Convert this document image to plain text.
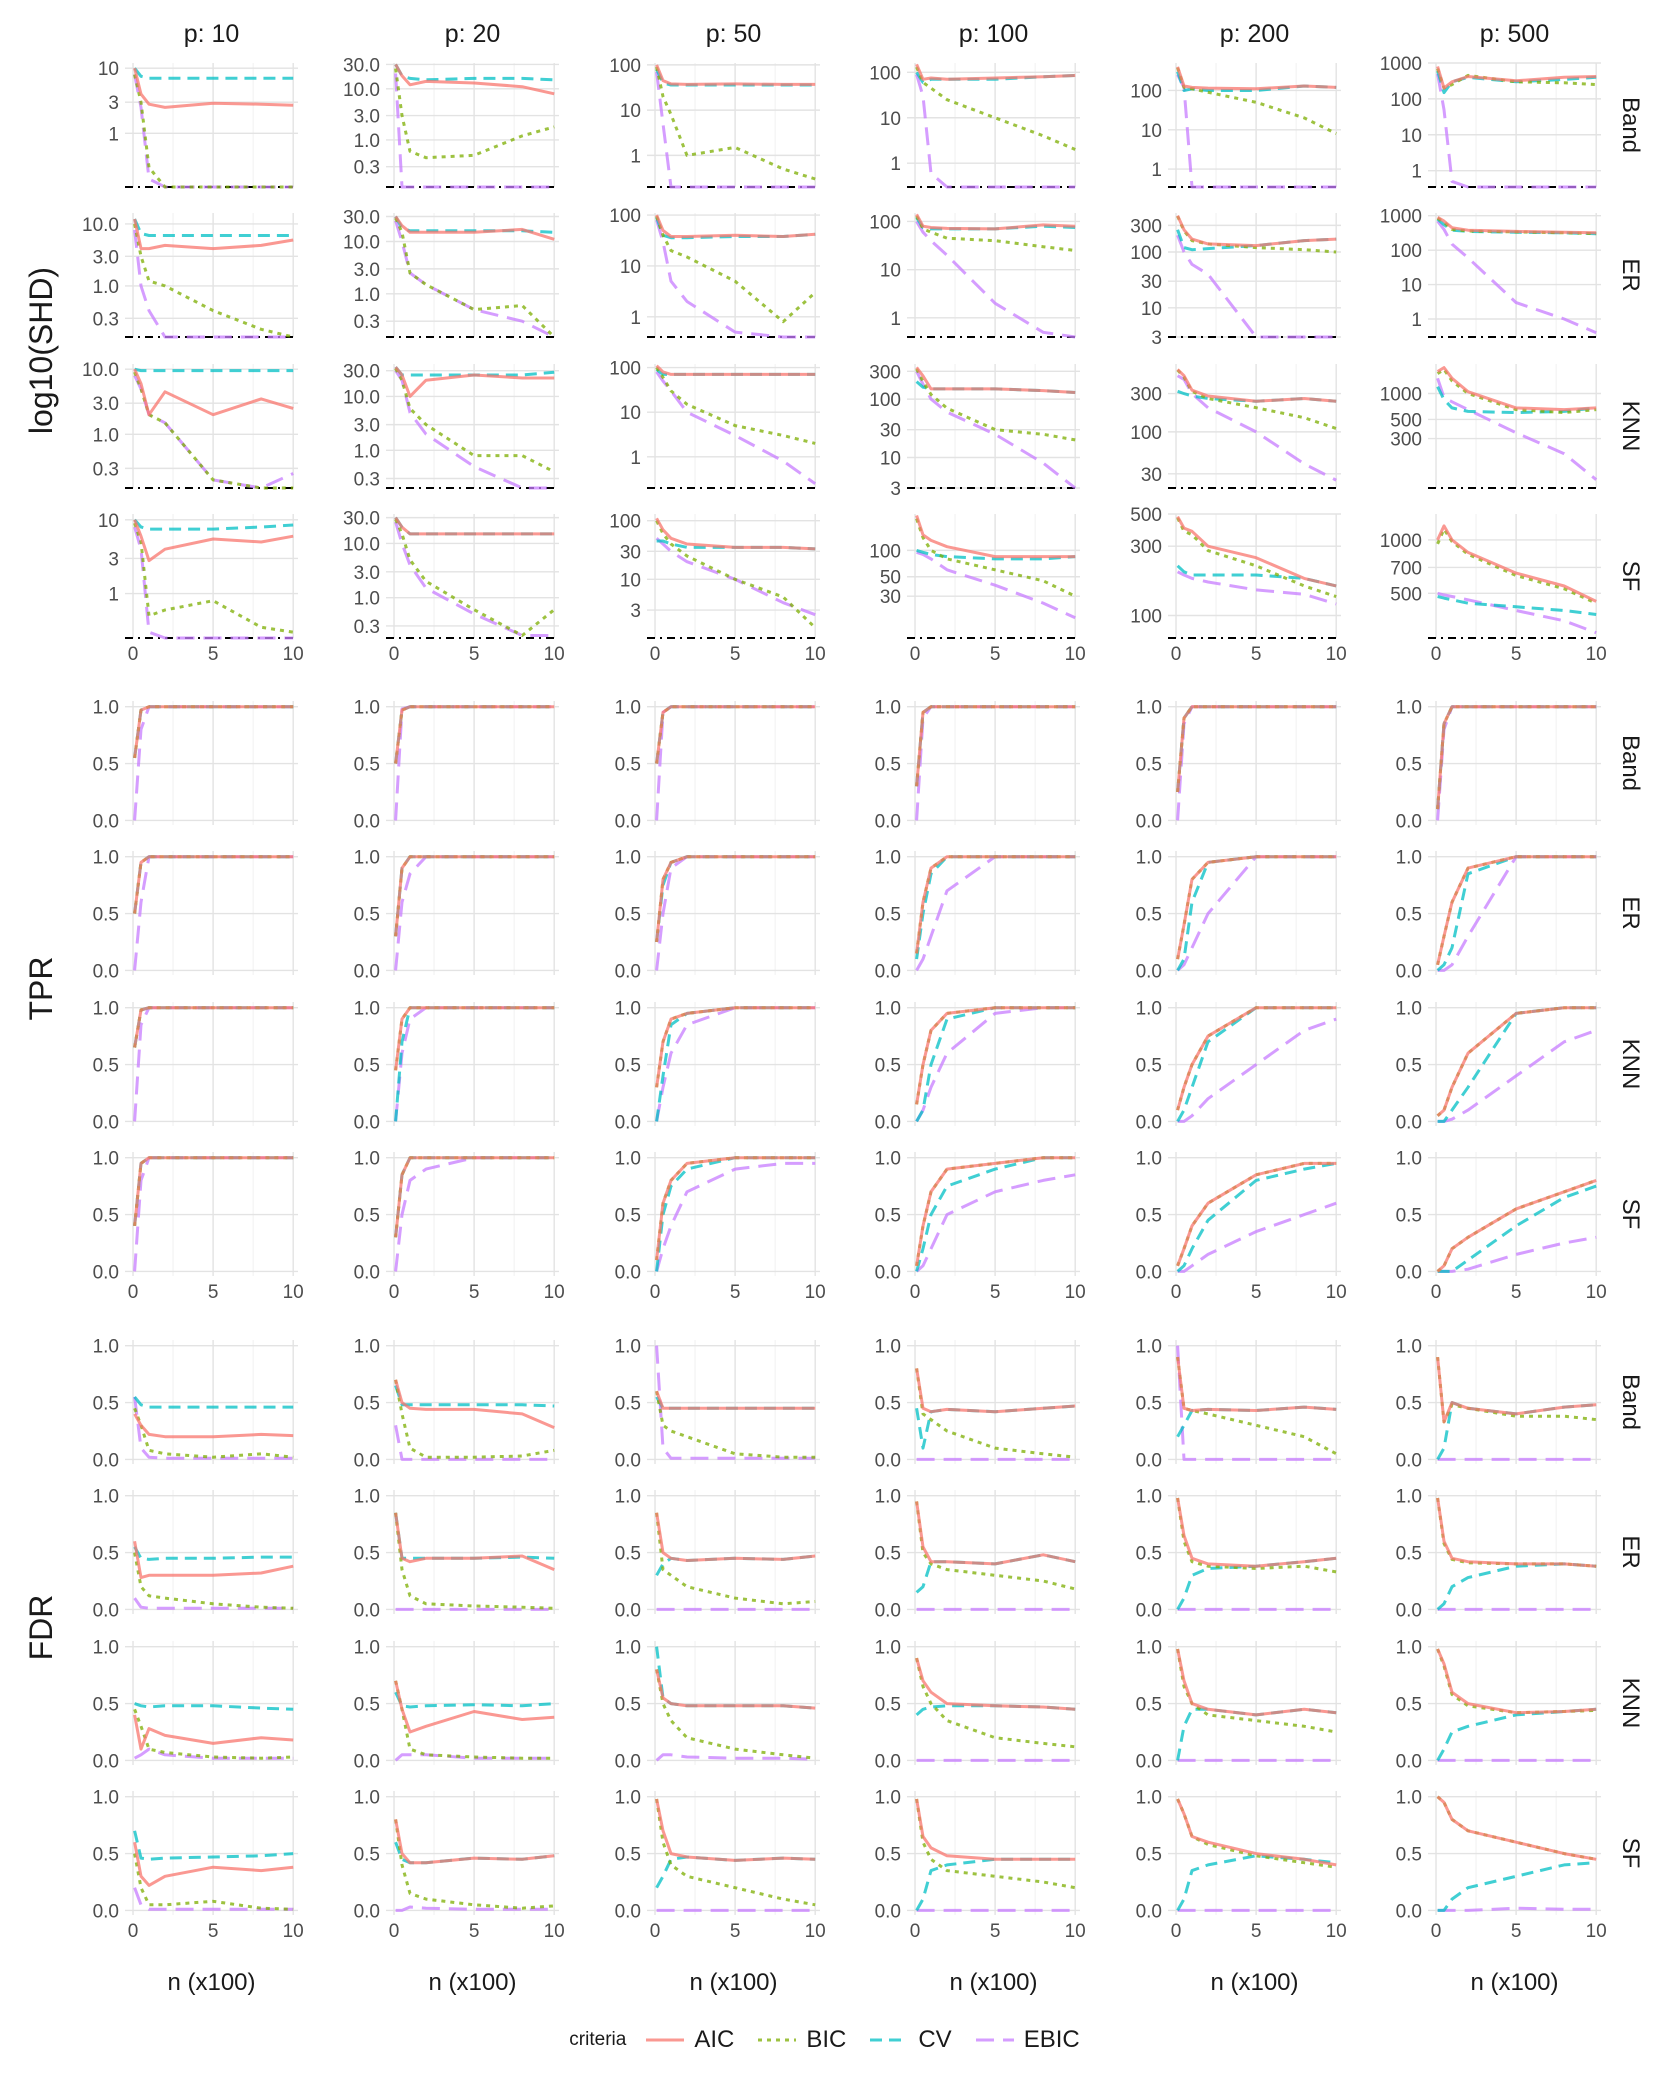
p: 10	p: 20	p: 50	p: 100	p: 200	p: 500
log10(SHD)
TPR
FDR
1
3
10
0.3
1.0
3.0
10.0
30.0
1
10
100
1
10
100
1
10
100
1
10
100
1000
Band
0.3
1.0
3.0
10.0
0.3
1.0
3.0
10.0
30.0
1
10
100
1
10
100
3
10
30
100
300
1
10
100
1000
ER
0.3
1.0
3.0
10.0
0.3
1.0
3.0
10.0
30.0
1
10
100
3
10
30
100
300
30
100
300
300
500
1000
KNN
1
3
10
0	5	10
0.3
1.0
3.0
10.0
30.0
0	5	10
3
10
30
100
0	5	10
30
50
100
0	5	10
100
300
500
0	5	10
500
700
1000
0	5	10
SF
0.0
0.5
1.0
0.0
0.5
1.0
0.0
0.5
1.0
0.0
0.5
1.0
0.0
0.5
1.0
0.0
0.5
1.0
Band
0.0
0.5
1.0
0.0
0.5
1.0
0.0
0.5
1.0
0.0
0.5
1.0
0.0
0.5
1.0
0.0
0.5
1.0
ER
0.0
0.5
1.0
0.0
0.5
1.0
0.0
0.5
1.0
0.0
0.5
1.0
0.0
0.5
1.0
0.0
0.5
1.0
KNN
0.0
0.5
1.0
0	5	10
0.0
0.5
1.0
0	5	10
0.0
0.5
1.0
0	5	10
0.0
0.5
1.0
0	5	10
0.0
0.5
1.0
0	5	10
0.0
0.5
1.0
0	5	10
SF
0.0
0.5
1.0
0.0
0.5
1.0
0.0
0.5
1.0
0.0
0.5
1.0
0.0
0.5
1.0
0.0
0.5
1.0
Band
0.0
0.5
1.0
0.0
0.5
1.0
0.0
0.5
1.0
0.0
0.5
1.0
0.0
0.5
1.0
0.0
0.5
1.0
ER
0.0
0.5
1.0
0.0
0.5
1.0
0.0
0.5
1.0
0.0
0.5
1.0
0.0
0.5
1.0
0.0
0.5
1.0
KNN
0.0
0.5
1.0
0	5	10
0.0
0.5
1.0
0	5	10
0.0
0.5
1.0
0	5	10
0.0
0.5
1.0
0	5	10
0.0
0.5
1.0
0	5	10
0.0
0.5
1.0
0	5	10
SF
n (x100)	n (x100)	n (x100)	n (x100)	n (x100)	n (x100)
criteria	AIC	BIC	CV	EBIC
